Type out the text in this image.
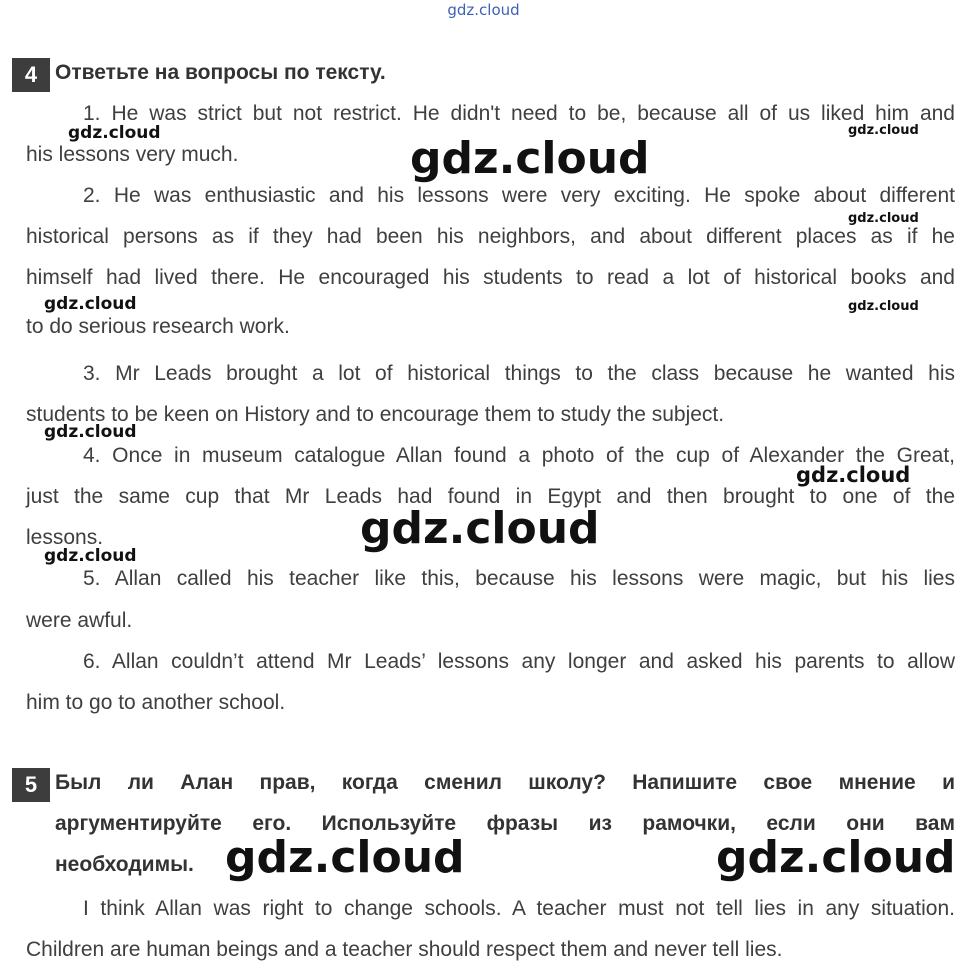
gdz.cloud
4 Ответьте на вопросы по тексту.
1. He was strict but not restrict. He didn't need to be, because all of us liked him and
his lessons very much.
2. He was enthusiastic and his lessons were very exciting. He spoke about different
historical persons as if they had been his neighbors, and about different places as if he
himself had lived there. He encouraged his students to read a lot of historical books and
to do serious research work.
3. Mr Leads brought a lot of historical things to the class because he wanted his
students to be keen on History and to encourage them to study the subject.
4. Once in museum catalogue Allan found a photo of the cup of Alexander the Great,
just the same cup that Mr Leads had found in Egypt and then brought to one of the
lessons.
5. Allan called his teacher like this, because his lessons were magic, but his lies
were awful.
6. Allan couldn’t attend Mr Leads’ lessons any longer and asked his parents to allow
him to go to another school.
5 Был ли Алан прав, когда сменил школу? Напишите свое мнение и
аргументируйте его. Используйте фразы из рамочки, если они вам
необходимы.
I think Allan was right to change schools. A teacher must not tell lies in any situation.
Children are human beings and a teacher should respect them and never tell lies.
gdz.cloud	gdz.cloud
gdz.cloud
gdz.cloud
gdz.cloud	gdz.cloud
gdz.cloud
gdz.cloud
gdz.cloud
gdz.cloud
gdz.cloud	gdz.cloud
